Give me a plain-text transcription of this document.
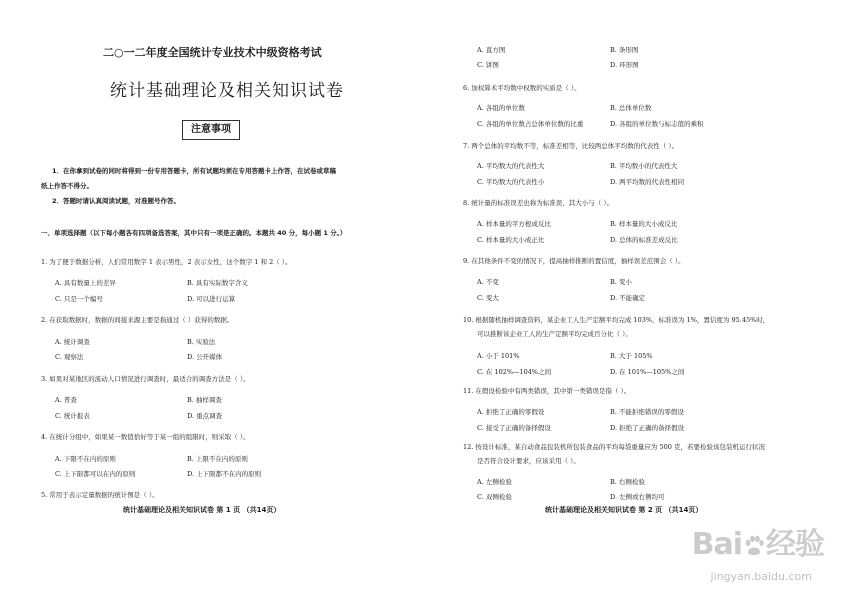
二○一二年度全国统计专业技术中级资格考试
统计基础理论及相关知识试卷
注意事项
1．在你拿到试卷的同时将得到一份专用答题卡，所有试题均须在专用答题卡上作答，在试卷或草稿
纸上作答不得分。
2．答题时请认真阅读试题，对准题号作答。
一、单项选择题（以下每小题各有四项备选答案，其中只有一项是正确的。本题共 40 分，每小题 1 分。）
1. 为了便于数据分析，人们常用数字 1 表示男性，2 表示女性，这个数字 1 和 2（ ）。
A. 具有数量上的差异	B. 具有实际数字含义
C. 只是一个编号	D. 可以进行运算
2. 在获取数据时，数据的间接来源主要是指通过（ ）获得的数据。
A. 统计调查	B. 实验法
C. 观察法	D. 公开媒体
3. 如果对某地区的流动人口情况进行调查时，最适合的调查方法是（ ）。
A. 普查	B. 抽样调查
C. 统计报表	D. 重点调查
4. 在统计分组中，如果某一数值恰好等于某一组的组限时，则采取（ ）。
A. 下限不在内的原则	B. 上限不在内的原则
C. 上下限都可以在内的原则	D. 上下限都不在内的原则
5. 常用于表示定量数据的统计图是（ ）。
统计基础理论及相关知识试卷 第 1 页 （共14页）
A. 直方图	B. 条形图
C. 饼图	D. 环形图
6. 加权算术平均数中权数的实质是（ ）。
A. 各组的单位数	B. 总体单位数
C. 各组的单位数占总体单位数的比重	D. 各组的单位数与标志值的乘积
7. 两个总体的平均数不等，标准差相等，比较两总体平均数的代表性（ ）。
A. 平均数大的代表性大	B. 平均数小的代表性大
C. 平均数大的代表性小	D. 两平均数的代表性相同
8. 统计量的标准误差也称为标准误，其大小与（ ）。
A. 样本量的平方根成反比	B. 样本量的大小成反比
C. 样本量的大小成正比	D. 总体的标准差成反比
9. 在其他条件不变的情况下，提高抽样推断的置信度，抽样误差范围会（ ）。
A. 不变	B. 变小
C. 变大	D. 不能确定
10. 根据随机抽样调查资料，某企业工人生产定额平均完成 103%，标准误为 1%，置信度为 95.45%时，
可以推断该企业工人的生产定额平均完成百分比（ ）。
A. 小于 101%	B. 大于 105%
C. 在 102%—104%之间	D. 在 101%—105%之间
11. 在假设检验中有两类错误，其中第一类错误是指（ ）。
A. 拒绝了正确的零假设	B. 不能拒绝错误的零假设
C. 接受了正确的备择假设	D. 拒绝了正确的备择假设
12. 按设计标准，某自动食品包装机所包装食品的平均每袋重量应为 500 克，若要检验该包装机运行状况
是否符合设计要求，应该采用（ ）。
A. 左侧检验	B. 右侧检验
C. 双侧检验	D. 左侧或右侧均可
统计基础理论及相关知识试卷 第 2 页 （共14页）
Bai 经验
jingyan.baidu.com
